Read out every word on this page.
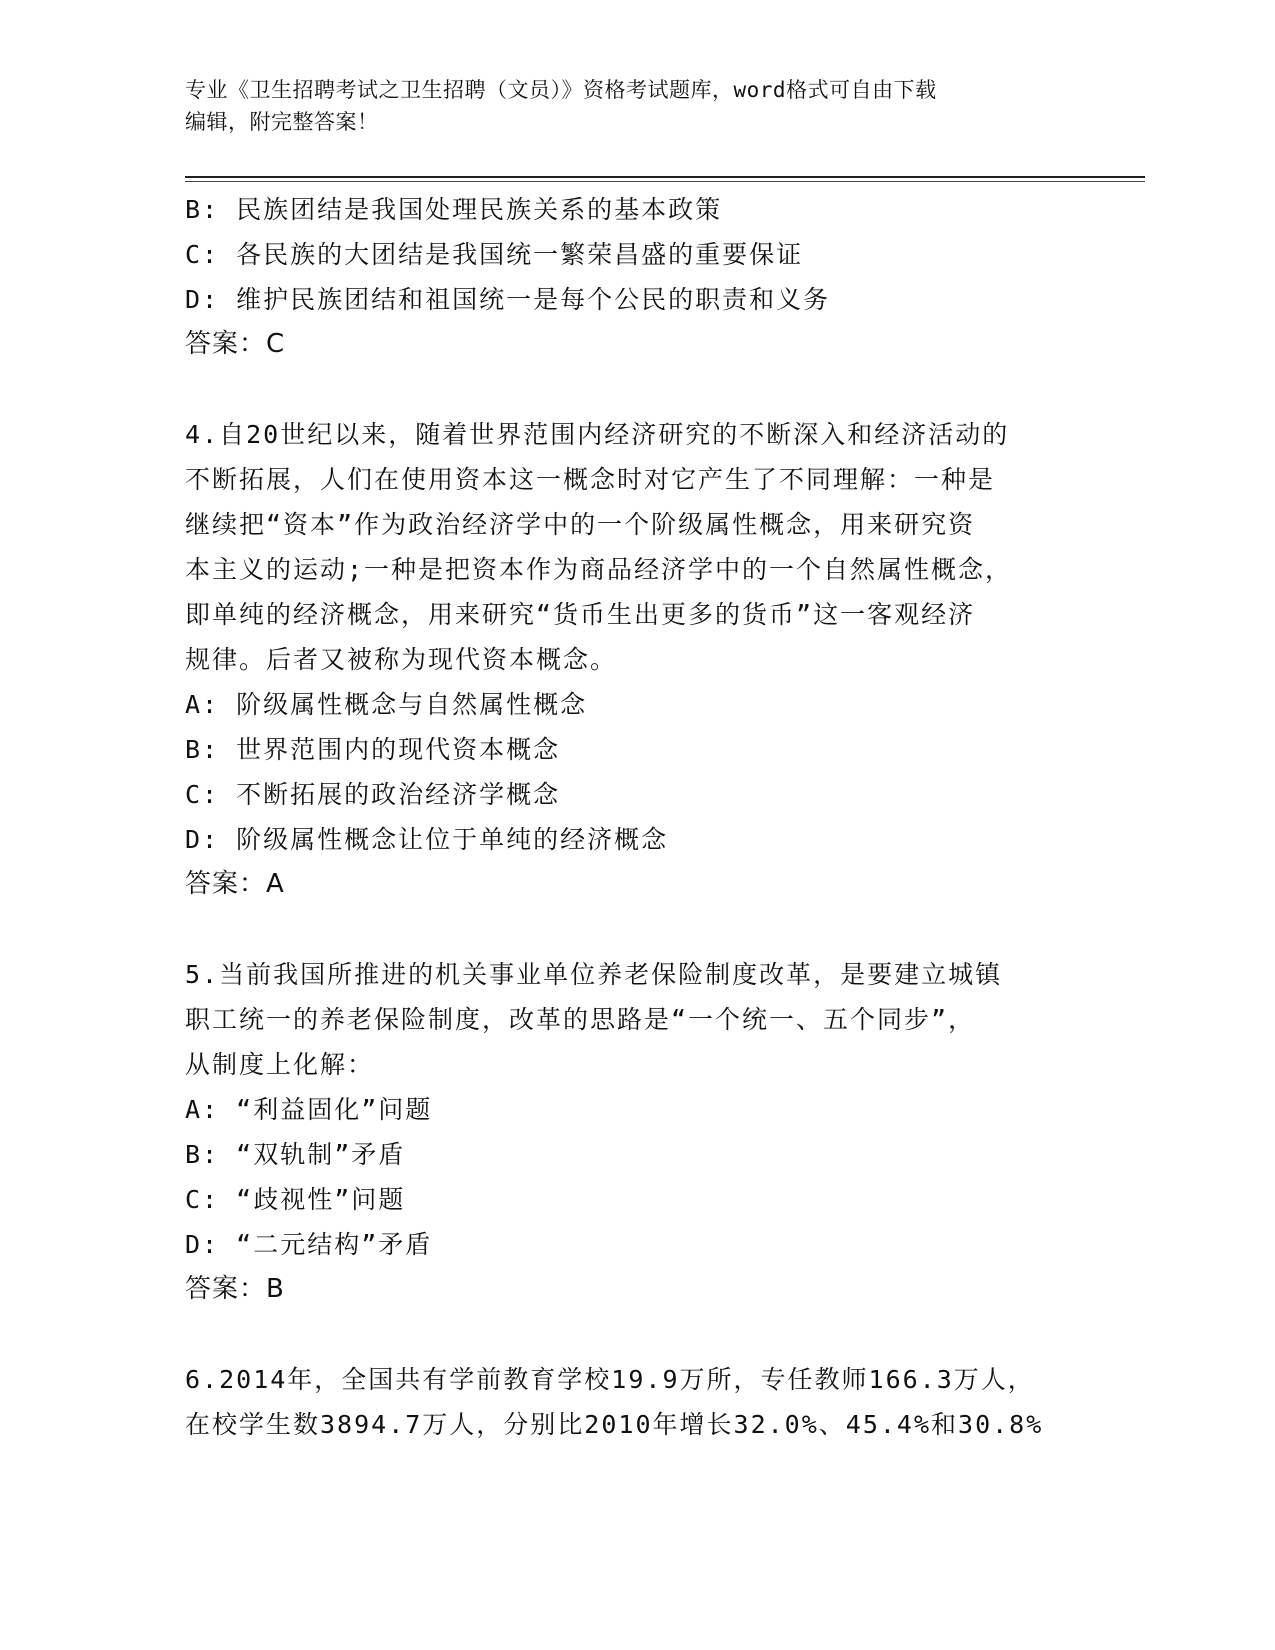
专业《卫生招聘考试之卫生招聘（文员）》资格考试题库，word格式可自由下载
编辑，附完整答案！
B: 民族团结是我国处理民族关系的基本政策
C: 各民族的大团结是我国统一繁荣昌盛的重要保证
D: 维护民族团结和祖国统一是每个公民的职责和义务
答案：C
4.自20世纪以来，随着世界范围内经济研究的不断深入和经济活动的
不断拓展，人们在使用资本这一概念时对它产生了不同理解：一种是
继续把“资本”作为政治经济学中的一个阶级属性概念，用来研究资
本主义的运动;一种是把资本作为商品经济学中的一个自然属性概念，
即单纯的经济概念，用来研究“货币生出更多的货币”这一客观经济
规律。后者又被称为现代资本概念。
A: 阶级属性概念与自然属性概念
B: 世界范围内的现代资本概念
C: 不断拓展的政治经济学概念
D: 阶级属性概念让位于单纯的经济概念
答案：A
5.当前我国所推进的机关事业单位养老保险制度改革，是要建立城镇
职工统一的养老保险制度，改革的思路是“一个统一、五个同步”，
从制度上化解：
A: “利益固化”问题
B: “双轨制”矛盾
C: “歧视性”问题
D: “二元结构”矛盾
答案：B
6.2014年，全国共有学前教育学校19.9万所，专任教师166.3万人，
在校学生数3894.7万人，分别比2010年增长32.0%、45.4%和30.8%
